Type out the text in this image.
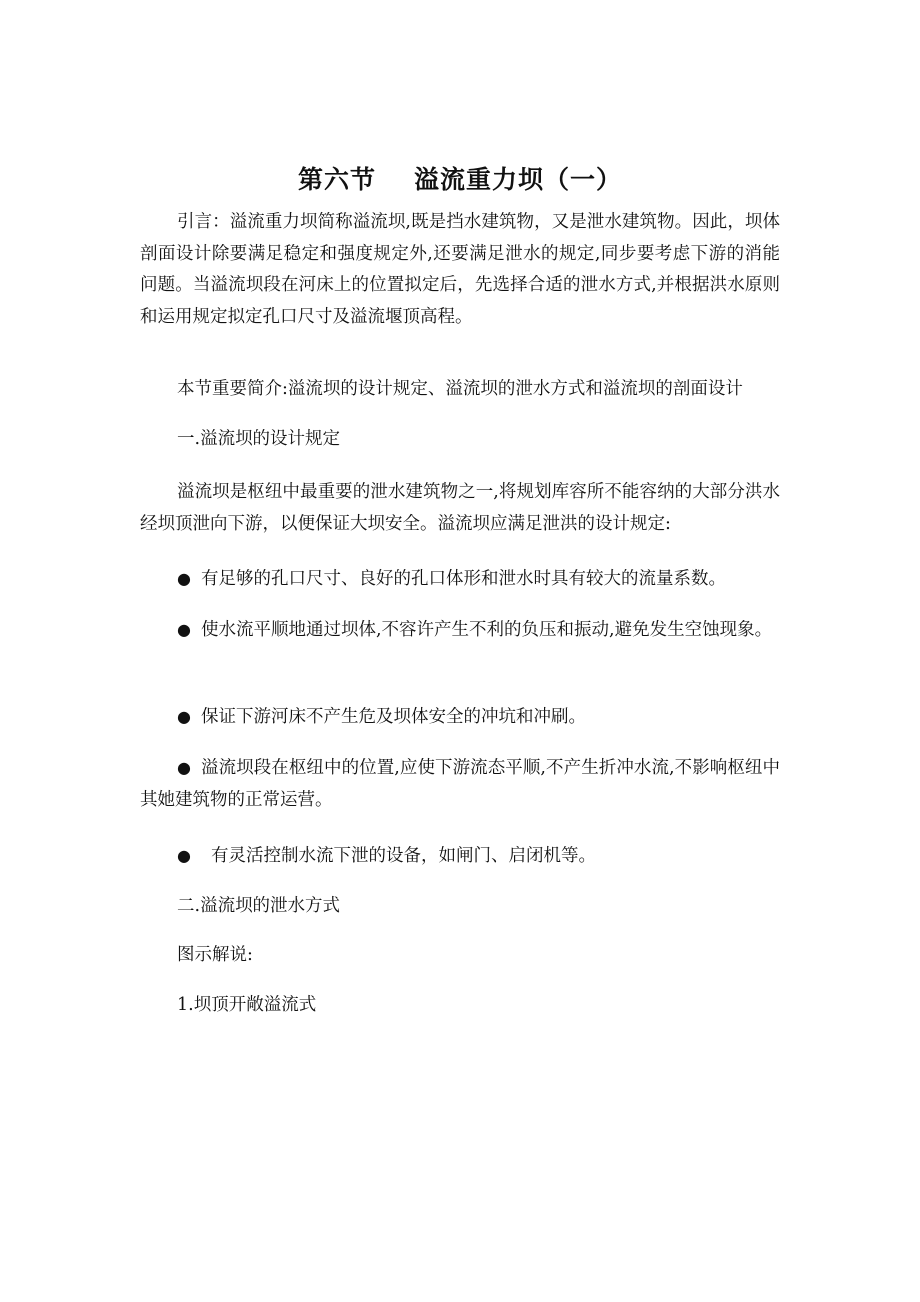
第六节 溢流重力坝（一）
引言：溢流重力坝简称溢流坝,既是挡水建筑物，又是泄水建筑物。因此，坝体剖面设计除要满足稳定和强度规定外,还要满足泄水的规定,同步要考虑下游的消能问题。当溢流坝段在河床上的位置拟定后，先选择合适的泄水方式,并根据洪水原则和运用规定拟定孔口尺寸及溢流堰顶高程。
本节重要简介:溢流坝的设计规定、溢流坝的泄水方式和溢流坝的剖面设计
一.溢流坝的设计规定
溢流坝是枢纽中最重要的泄水建筑物之一,将规划库容所不能容纳的大部分洪水经坝顶泄向下游，以便保证大坝安全。溢流坝应满足泄洪的设计规定:
● 有足够的孔口尺寸、良好的孔口体形和泄水时具有较大的流量系数。
● 使水流平顺地通过坝体,不容许产生不利的负压和振动,避免发生空蚀现象。
● 保证下游河床不产生危及坝体安全的冲坑和冲刷。
● 溢流坝段在枢纽中的位置,应使下游流态平顺,不产生折冲水流,不影响枢纽中其她建筑物的正常运营。
● 有灵活控制水流下泄的设备，如闸门、启闭机等。
二.溢流坝的泄水方式
图示解说:
1.坝顶开敞溢流式
